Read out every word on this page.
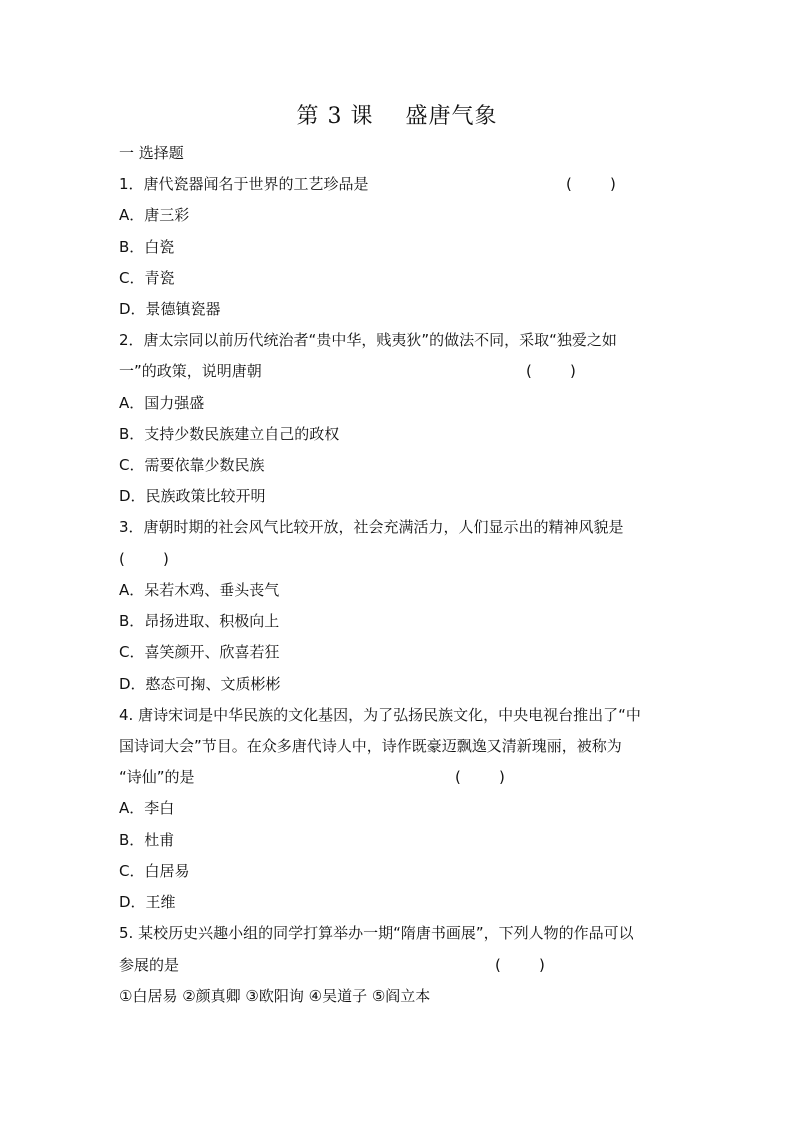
第 3 课    盛唐气象
一 选择题
1．唐代瓷器闻名于世界的工艺珍品是	(        )
A．唐三彩
B．白瓷
C．青瓷
D．景德镇瓷器
2．唐太宗同以前历代统治者“贵中华，贱夷狄”的做法不同，采取“独爱之如
一”的政策，说明唐朝	(        )
A．国力强盛
B．支持少数民族建立自己的政权
C．需要依靠少数民族
D．民族政策比较开明
3．唐朝时期的社会风气比较开放，社会充满活力，人们显示出的精神风貌是
(        )
A．呆若木鸡、垂头丧气
B．昂扬进取、积极向上
C．喜笑颜开、欣喜若狂
D．憨态可掬、文质彬彬
4. 唐诗宋词是中华民族的文化基因，为了弘扬民族文化，中央电视台推出了“中
国诗词大会”节目。在众多唐代诗人中，诗作既豪迈飘逸又清新瑰丽，被称为
“诗仙”的是	(        )
A．李白
B．杜甫
C．白居易
D．王维
5. 某校历史兴趣小组的同学打算举办一期“隋唐书画展”，下列人物的作品可以
参展的是	(        )
①白居易 ②颜真卿 ③欧阳询 ④吴道子 ⑤阎立本
